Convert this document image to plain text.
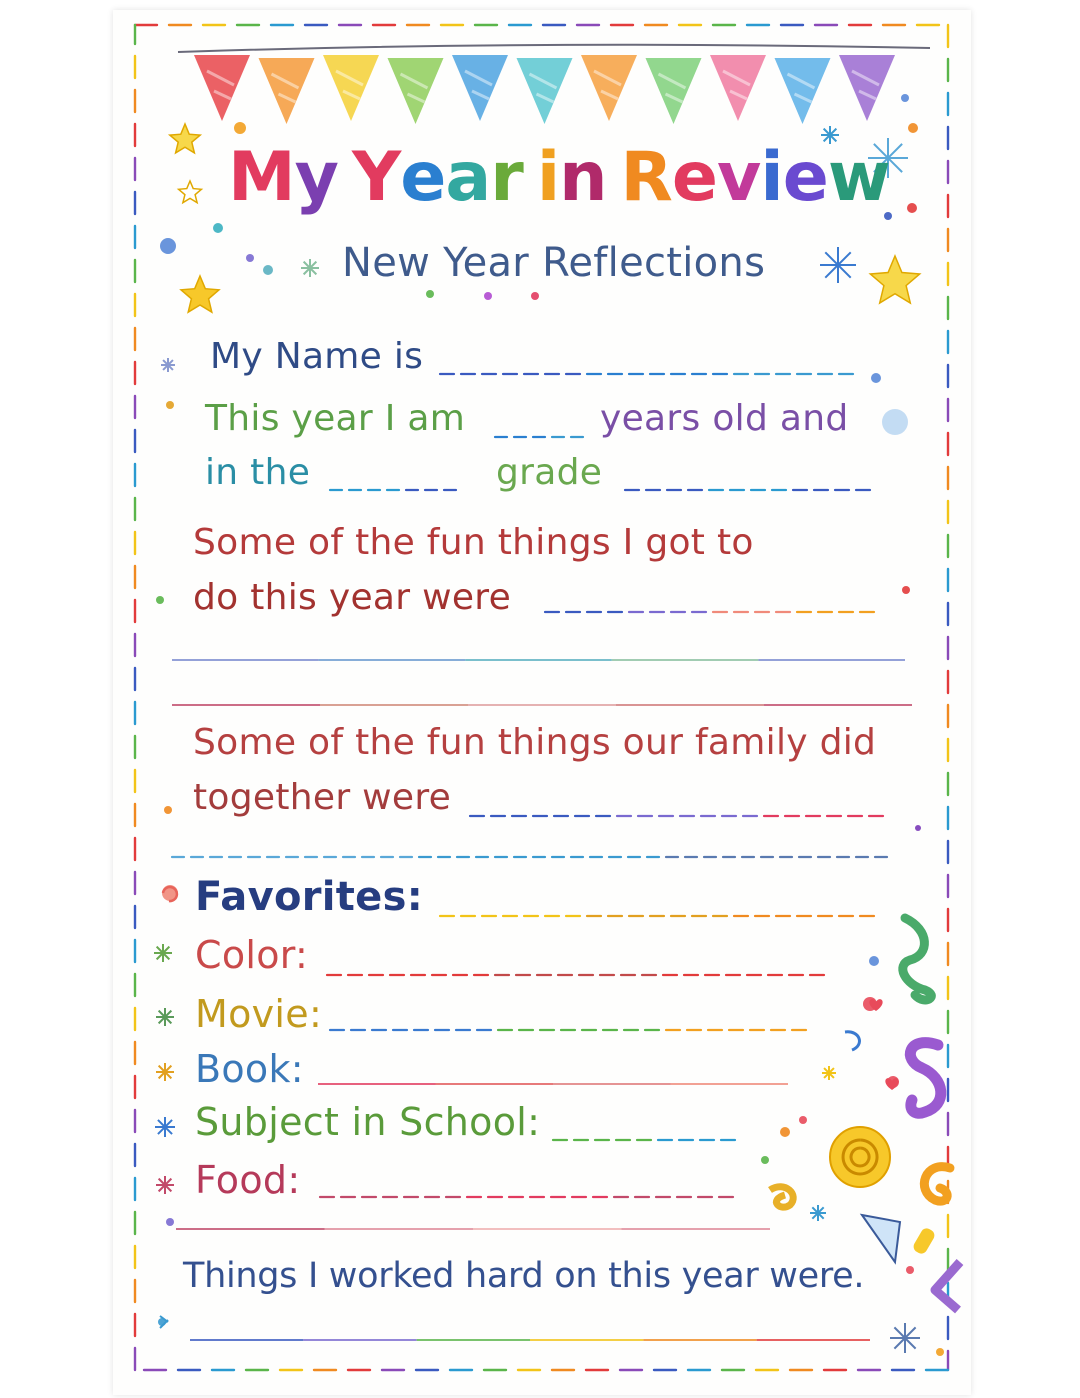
My Year in Review
New Year Reflections
My Name is
This year I am	years old and
in the	grade
Some of the fun things I got to
do this year were
Some of the fun things our family did
together were
Favorites:
Color:
Movie:
Book:
Subject in School:
Food:
Things I worked hard on this year were.
